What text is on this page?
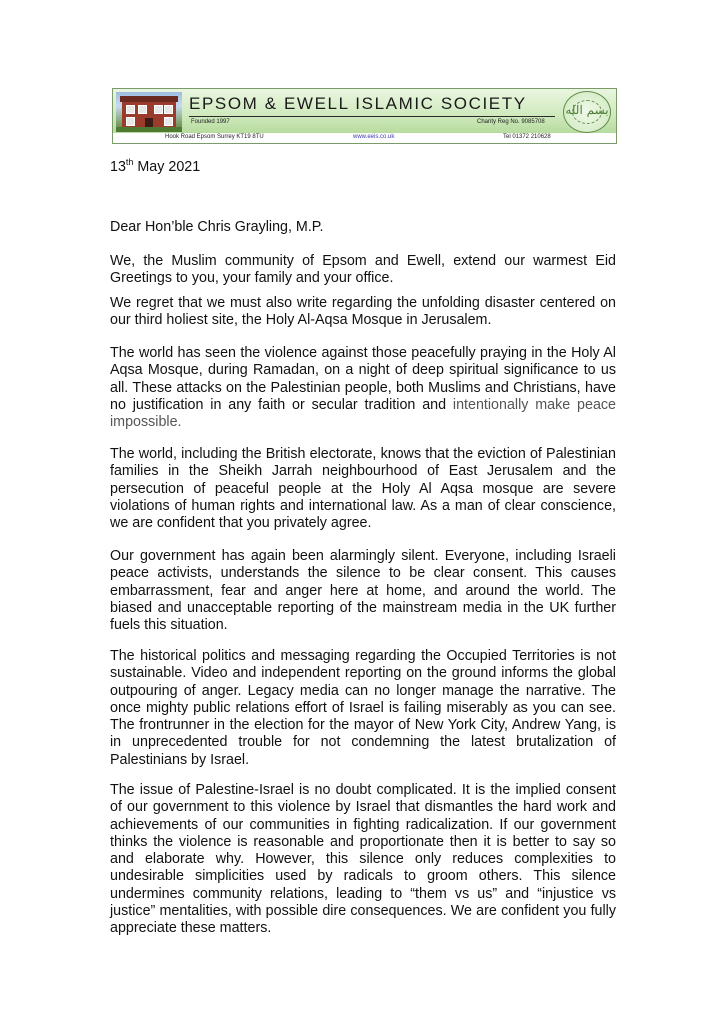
EPSOM & EWELL ISLAMIC SOCIETY
Founded 1997	Charity Reg No. 9085708
بسم الله
Hook Road Epsom Surrey KT19 8TU	www.eeis.co.uk	Tel 01372 210628
13th May 2021
Dear Hon’ble Chris Grayling, M.P.

We, the Muslim community of Epsom and Ewell, extend our warmest Eid Greetings to you, your family and your office.

We regret that we must also write regarding the unfolding disaster centered on our third holiest site, the Holy Al-Aqsa Mosque in Jerusalem.

The world has seen the violence against those peacefully praying in the Holy Al Aqsa Mosque, during Ramadan, on a night of deep spiritual significance to us all. These attacks on the Palestinian people, both Muslims and Christians, have no justification in any faith or secular tradition and intentionally make peace impossible.

The world, including the British electorate, knows that the eviction of Palestinian families in the Sheikh Jarrah neighbourhood of East Jerusalem and the persecution of peaceful people at the Holy Al Aqsa mosque are severe violations of human rights and international law. As a man of clear conscience, we are confident that you privately agree.

Our government has again been alarmingly silent. Everyone, including Israeli peace activists, understands the silence to be clear consent. This causes embarrassment, fear and anger here at home, and around the world. The biased and unacceptable reporting of the mainstream media in the UK further fuels this situation.

The historical politics and messaging regarding the Occupied Territories is not sustainable. Video and independent reporting on the ground informs the global outpouring of anger. Legacy media can no longer manage the narrative. The once mighty public relations effort of Israel is failing miserably as you can see. The frontrunner in the election for the mayor of New York City, Andrew Yang, is in unprecedented trouble for not condemning the latest brutalization of Palestinians by Israel.

The issue of Palestine-Israel is no doubt complicated. It is the implied consent of our government to this violence by Israel that dismantles the hard work and achievements of our communities in fighting radicalization. If our government thinks the violence is reasonable and proportionate then it is better to say so and elaborate why. However, this silence only reduces complexities to undesirable simplicities used by radicals to groom others. This silence undermines community relations, leading to “them vs us” and “injustice vs justice” mentalities, with possible dire consequences. We are confident you fully appreciate these matters.
